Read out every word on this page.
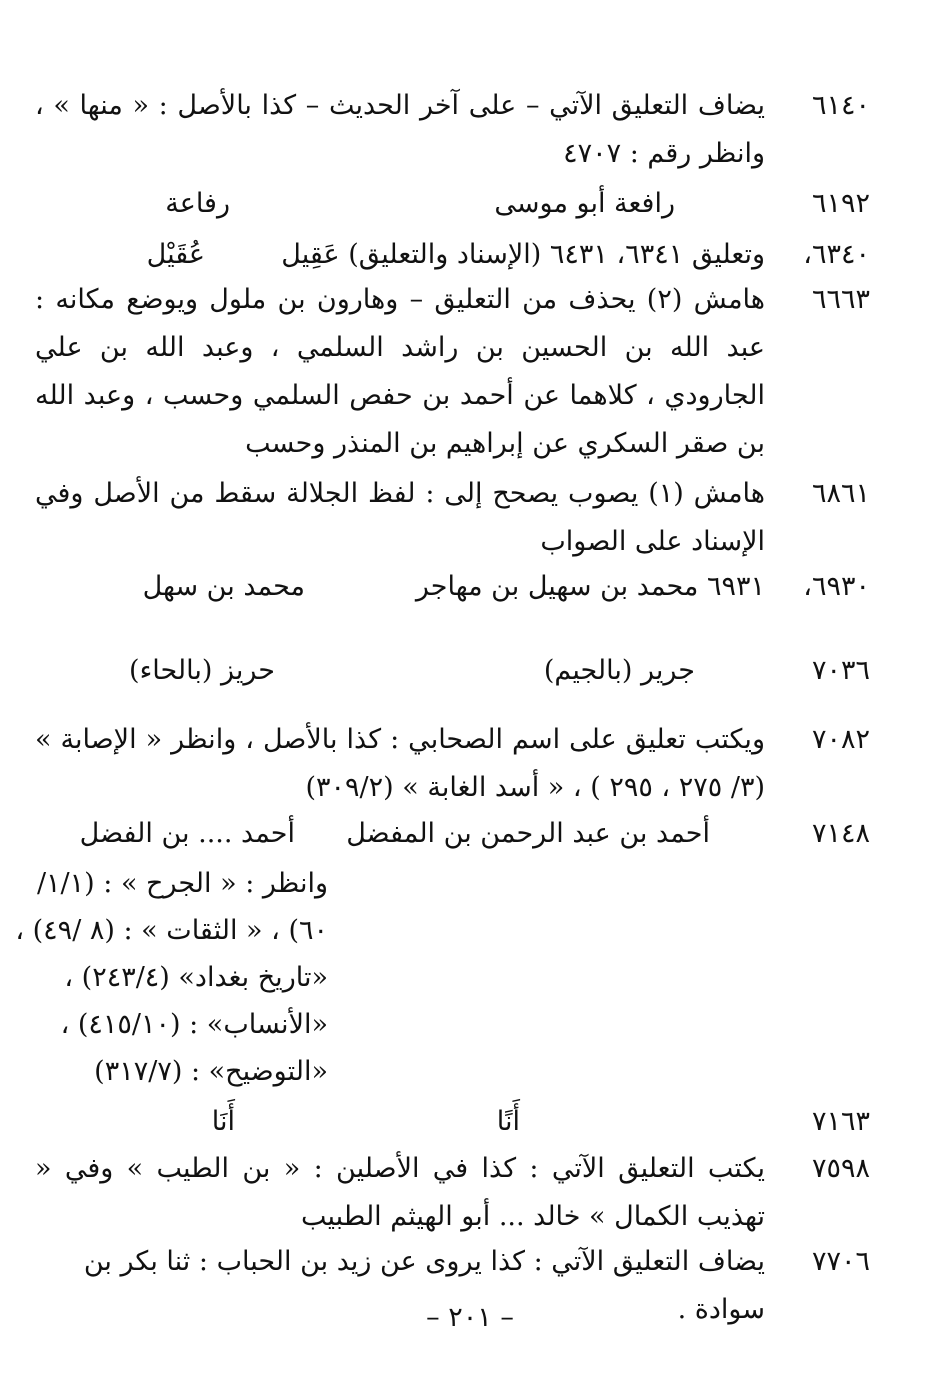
٦١٤٠
يضاف التعليق الآتي – على آخر الحديث – كذا بالأصل : « منها » ، وانظر رقم : ٤٧٠٧
٦١٩٢
رافعة أبو موسى
رفاعة
٦٣٤٠،
وتعليق ٦٣٤١، ٦٤٣١ (الإسناد والتعليق) عَقِيل
عُقَيْل
٦٦٦٣
هامش (٢) يحذف من التعليق – وهارون بن ملول ويوضع مكانه : عبد الله بن الحسين بن راشد السلمي ، وعبد الله بن علي الجارودي ، كلاهما عن أحمد بن حفص السلمي وحسب ، وعبد الله بن صقر السكري عن إبراهيم بن المنذر وحسب
٦٨٦١
هامش (١) يصوب يصحح إلى : لفظ الجلالة سقط من الأصل وفي الإسناد على الصواب
٦٩٣٠،
٦٩٣١ محمد بن سهيل بن مهاجر
محمد بن سهل
٧٠٣٦
جرير (بالجيم)
حريز (بالحاء)
٧٠٨٢
ويكتب تعليق على اسم الصحابي : كذا بالأصل ، وانظر « الإصابة » (٣/ ٢٧٥ ، ٢٩٥ ) ، « أسد الغابة » (٣٠٩/٢)
٧١٤٨
أحمد بن عبد الرحمن بن المفضل
أحمد .... بن الفضل
وانظر : « الجرح » : (١/١/
٦٠) ، « الثقات » : (٨ /٤٩) ،
«تاريخ بغداد» (٢٤٣/٤) ،
«الأنساب» : (٤١٥/١٠) ،
«التوضيح» : (٣١٧/٧)
٧١٦٣
أَنًا
أَنَا
٧٥٩٨
يكتب التعليق الآتي : كذا في الأصلين : « بن الطيب » وفي « تهذيب الكمال » خالد ... أبو الهيثم الطبيب
٧٧٠٦
يضاف التعليق الآتي : كذا يروى عن زيد بن الحباب : ثنا بكر بن سوادة .
– ٢٠١ –
